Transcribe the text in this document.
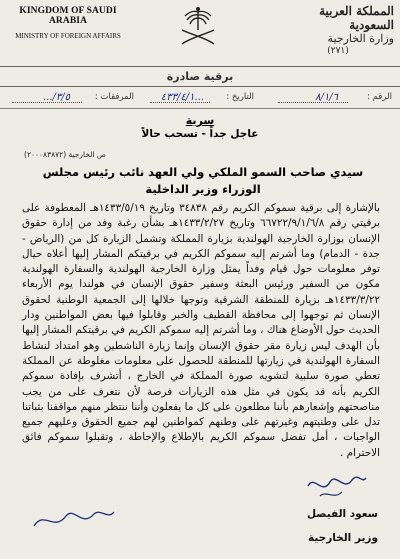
KINGDOM OF SAUDI ARABIA
MINISTRY OF FOREIGN AFFAIRS
المملكة العربية السعودية
وزارة الخارجية
(٢٧١)
برقية صادرة
الرقم :
٨/١/٦
التاريخ :
...٤٣٣/٤/١
المرفقات :
٣/٥/...
سرية
عاجل جداً - تسحب حالاً
ص الخارجية (٢٠٠٠٨٣٨٧٢)
سيدي صاحب السمو الملكي ولي العهد نائب رئيس مجلس الوزراء وزير الداخلية
بالإشارة إلى برقية سموكم الكريم رقم ٣٤٨٣٨ وتاريخ ١٤٣٣/٥/١٩هـ المعطوفة على برقيتي رقم ٦٦٧٢٢/٩/١/٦/٨ وتاريخ ١٤٣٣/٢/٢٧هـ بشأن رغبة وفد من إدارة حقوق الإنسان بوزارة الخارجية الهولندية بزيارة المملكة وتشمل الزيارة كل من (الرياض - جدة - الدمام) وما أشرتم إليه سموكم الكريم في برقيتكم المشار إليها أعلاه حيال توفر معلومات حول قيام وفداً يمثل وزارة الخارجية الهولندية والسفارة الهولندية مكون من السفير ورئيس البعثة وسفير حقوق الإنسان في هولندا يوم الأربعاء ١٤٣٣/٣/٢٢هـ بزيارة للمنطقة الشرقية وتوجها خلالها إلى الجمعية الوطنية لحقوق الإنسان ثم توجهوا إلى محافظة القطيف والخبر وقابلوا فيها بعض المواطنين ودار الحديث حول الأوضاع هناك ، وما أشرتم إليه سموكم الكريم في برقيتكم المشار إليها بأن الهدف ليس زيارة مقر حقوق الإنسان وإنما زيارة الناشطين وهو امتداد لنشاط السفارة الهولندية في زيارتها للمنطقة للحصول على معلومات مغلوطة عن المملكة تعطي صورة سلبية لتشويه صورة المملكة في الخارج ، أتشرف بإفادة سموكم الكريم بأنه قد يكون في مثل هذه الزيارات فرصة لأن نتعرف على من يجب مناصحتهم وإشعارهم بأننا مطلعون على كل ما يفعلون وأننا ننتظر منهم مواقفنا بثباتنا تدل على وطنيتهم وغيرتهم على وطنهم كمواطنين لهم جميع الحقوق وعليهم جميع الواجبات ، أمل تفضل سموكم الكريم بالإطلاع والإحاطة ، وتقبلوا سموكم فائق الاحترام .
سعود الفيصل
وزير الخارجية
